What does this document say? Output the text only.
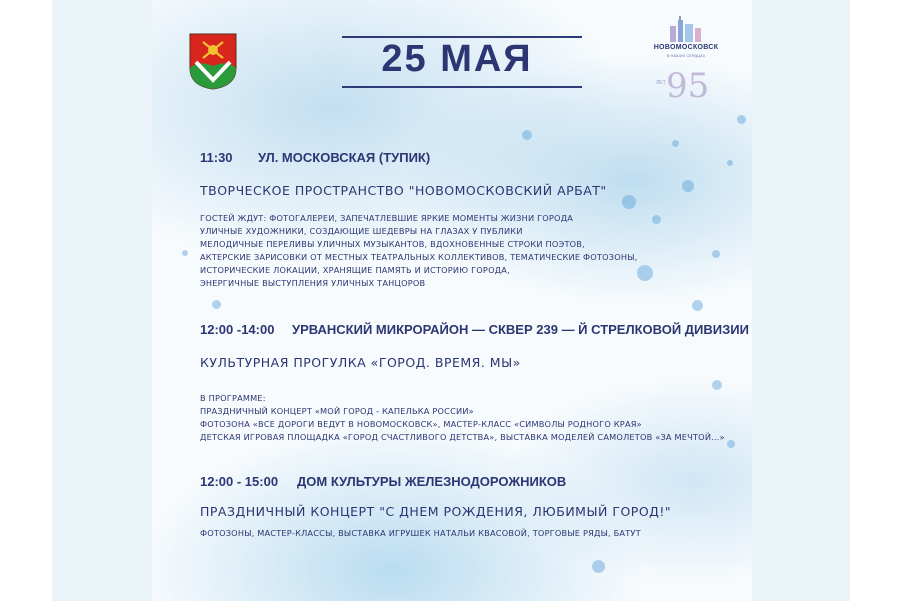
25 МАЯ	НОВОМОСКОВСК
В НАШИХ СЕРДЦАХ
ЛЕТ 95
11:30 УЛ. МОСКОВСКАЯ (ТУПИК)
ТВОРЧЕСКОЕ ПРОСТРАНСТВО "НОВОМОСКОВСКИЙ АРБАТ"
ГОСТЕЙ ЖДУТ: ФОТОГАЛЕРЕИ, ЗАПЕЧАТЛЕВШИЕ ЯРКИЕ МОМЕНТЫ ЖИЗНИ ГОРОДА
УЛИЧНЫЕ ХУДОЖНИКИ, СОЗДАЮЩИЕ ШЕДЕВРЫ НА ГЛАЗАХ У ПУБЛИКИ
МЕЛОДИЧНЫЕ ПЕРЕЛИВЫ УЛИЧНЫХ МУЗЫКАНТОВ, ВДОХНОВЕННЫЕ СТРОКИ ПОЭТОВ,
АКТЕРСКИЕ ЗАРИСОВКИ ОТ МЕСТНЫХ ТЕАТРАЛЬНЫХ КОЛЛЕКТИВОВ, ТЕМАТИЧЕСКИЕ ФОТОЗОНЫ,
ИСТОРИЧЕСКИЕ ЛОКАЦИИ, ХРАНЯЩИЕ ПАМЯТЬ И ИСТОРИЮ ГОРОДА,
ЭНЕРГИЧНЫЕ ВЫСТУПЛЕНИЯ УЛИЧНЫХ ТАНЦОРОВ
12:00 -14:00 УРВАНСКИЙ МИКРОРАЙОН — СКВЕР 239 — Й СТРЕЛКОВОЙ ДИВИЗИИ
КУЛЬТУРНАЯ ПРОГУЛКА «ГОРОД. ВРЕМЯ. МЫ»
В ПРОГРАММЕ:
ПРАЗДНИЧНЫЙ КОНЦЕРТ «МОЙ ГОРОД - КАПЕЛЬКА РОССИИ»
ФОТОЗОНА «ВСЕ ДОРОГИ ВЕДУТ В НОВОМОСКОВСК», МАСТЕР-КЛАСС «СИМВОЛЫ РОДНОГО КРАЯ»
ДЕТСКАЯ ИГРОВАЯ ПЛОЩАДКА «ГОРОД СЧАСТЛИВОГО ДЕТСТВА», ВЫСТАВКА МОДЕЛЕЙ САМОЛЕТОВ «ЗА МЕЧТОЙ...»
12:00 - 15:00 ДОМ КУЛЬТУРЫ ЖЕЛЕЗНОДОРОЖНИКОВ
ПРАЗДНИЧНЫЙ КОНЦЕРТ "С ДНЕМ РОЖДЕНИЯ, ЛЮБИМЫЙ ГОРОД!"
ФОТОЗОНЫ, МАСТЕР-КЛАССЫ, ВЫСТАВКА ИГРУШЕК НАТАЛЬИ КВАСОВОЙ, ТОРГОВЫЕ РЯДЫ, БАТУТ
